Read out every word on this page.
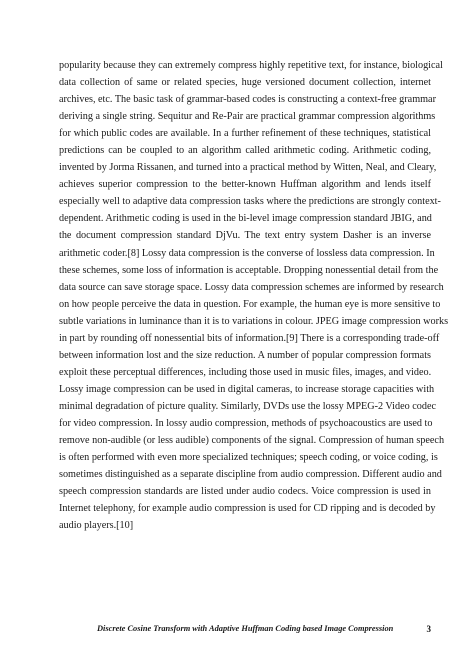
popularity because they can extremely compress highly repetitive text, for instance, biological
data collection of same or related species, huge versioned document collection, internet
archives, etc. The basic task of grammar-based codes is constructing a context-free grammar
deriving a single string. Sequitur and Re-Pair are practical grammar compression algorithms
for which public codes are available. In a further refinement of these techniques, statistical
predictions can be coupled to an algorithm called arithmetic coding. Arithmetic coding,
invented by Jorma Rissanen, and turned into a practical method by Witten, Neal, and Cleary,
achieves superior compression to the better-known Huffman algorithm and lends itself
especially well to adaptive data compression tasks where the predictions are strongly context-
dependent. Arithmetic coding is used in the bi-level image compression standard JBIG, and
the document compression standard DjVu. The text entry system Dasher is an inverse
arithmetic coder.[8] Lossy data compression is the converse of lossless data compression. In
these schemes, some loss of information is acceptable. Dropping nonessential detail from the
data source can save storage space. Lossy data compression schemes are informed by research
on how people perceive the data in question. For example, the human eye is more sensitive to
subtle variations in luminance than it is to variations in colour. JPEG image compression works
in part by rounding off nonessential bits of information.[9] There is a corresponding trade-off
between information lost and the size reduction. A number of popular compression formats
exploit these perceptual differences, including those used in music files, images, and video.
Lossy image compression can be used in digital cameras, to increase storage capacities with
minimal degradation of picture quality. Similarly, DVDs use the lossy MPEG-2 Video codec
for video compression. In lossy audio compression, methods of psychoacoustics are used to
remove non-audible (or less audible) components of the signal. Compression of human speech
is often performed with even more specialized techniques; speech coding, or voice coding, is
sometimes distinguished as a separate discipline from audio compression. Different audio and
speech compression standards are listed under audio codecs. Voice compression is used in
Internet telephony, for example audio compression is used for CD ripping and is decoded by
audio players.[10]
Discrete Cosine Transform with Adaptive Huffman Coding based Image Compression	3
